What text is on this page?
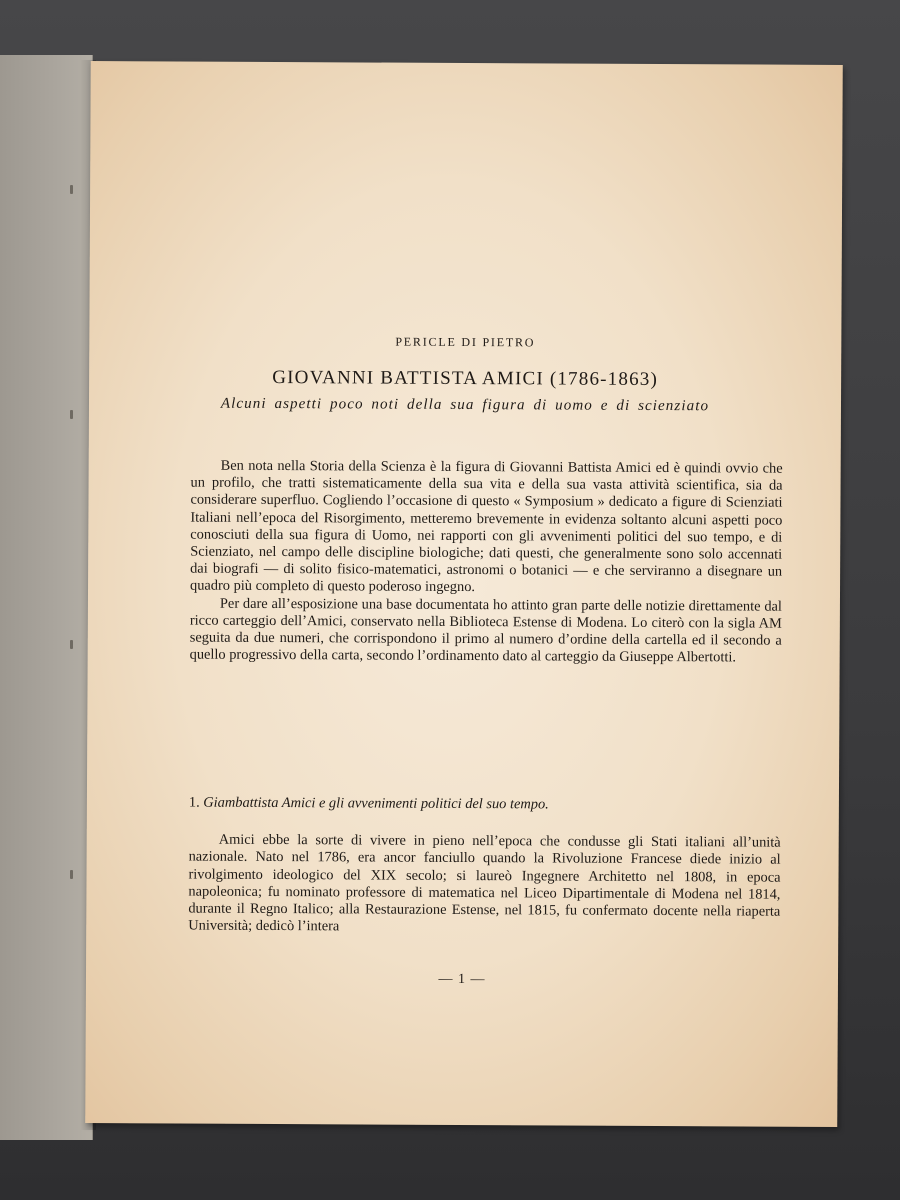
PERICLE DI PIETRO
GIOVANNI BATTISTA AMICI (1786-1863)
Alcuni aspetti poco noti della sua figura di uomo e di scienziato

Ben nota nella Storia della Scienza è la figura di Giovanni Battista Amici ed è quindi ovvio che un profilo, che tratti sistematicamente della sua vita e della sua vasta attività scientifica, sia da considerare superfluo. Cogliendo l’occasione di questo « Symposium » dedicato a figure di Scienziati Italiani nell’epoca del Risorgimento, metteremo brevemente in evidenza soltanto alcuni aspetti poco conosciuti della sua figura di Uomo, nei rapporti con gli avvenimenti politici del suo tempo, e di Scienziato, nel campo delle discipline biologiche; dati questi, che generalmente sono solo accennati dai biografi — di solito fisico-matematici, astronomi o botanici — e che serviranno a disegnare un quadro più completo di questo poderoso ingegno.

Per dare all’esposizione una base documentata ho attinto gran parte delle notizie direttamente dal ricco carteggio dell’Amici, conservato nella Biblioteca Estense di Modena. Lo citerò con la sigla AM seguita da due numeri, che corrispondono il primo al numero d’ordine della cartella ed il secondo a quello progressivo della carta, secondo l’ordinamento dato al carteggio da Giuseppe Albertotti.

1. Giambattista Amici e gli avvenimenti politici del suo tempo.

Amici ebbe la sorte di vivere in pieno nell’epoca che condusse gli Stati italiani all’unità nazionale. Nato nel 1786, era ancor fanciullo quando la Rivoluzione Francese diede inizio al rivolgimento ideologico del XIX secolo; si laureò Ingegnere Architetto nel 1808, in epoca napoleonica; fu nominato professore di matematica nel Liceo Dipartimentale di Modena nel 1814, durante il Regno Italico; alla Restaurazione Estense, nel 1815, fu confermato docente nella riaperta Università; dedicò l’intera

— 1 —
